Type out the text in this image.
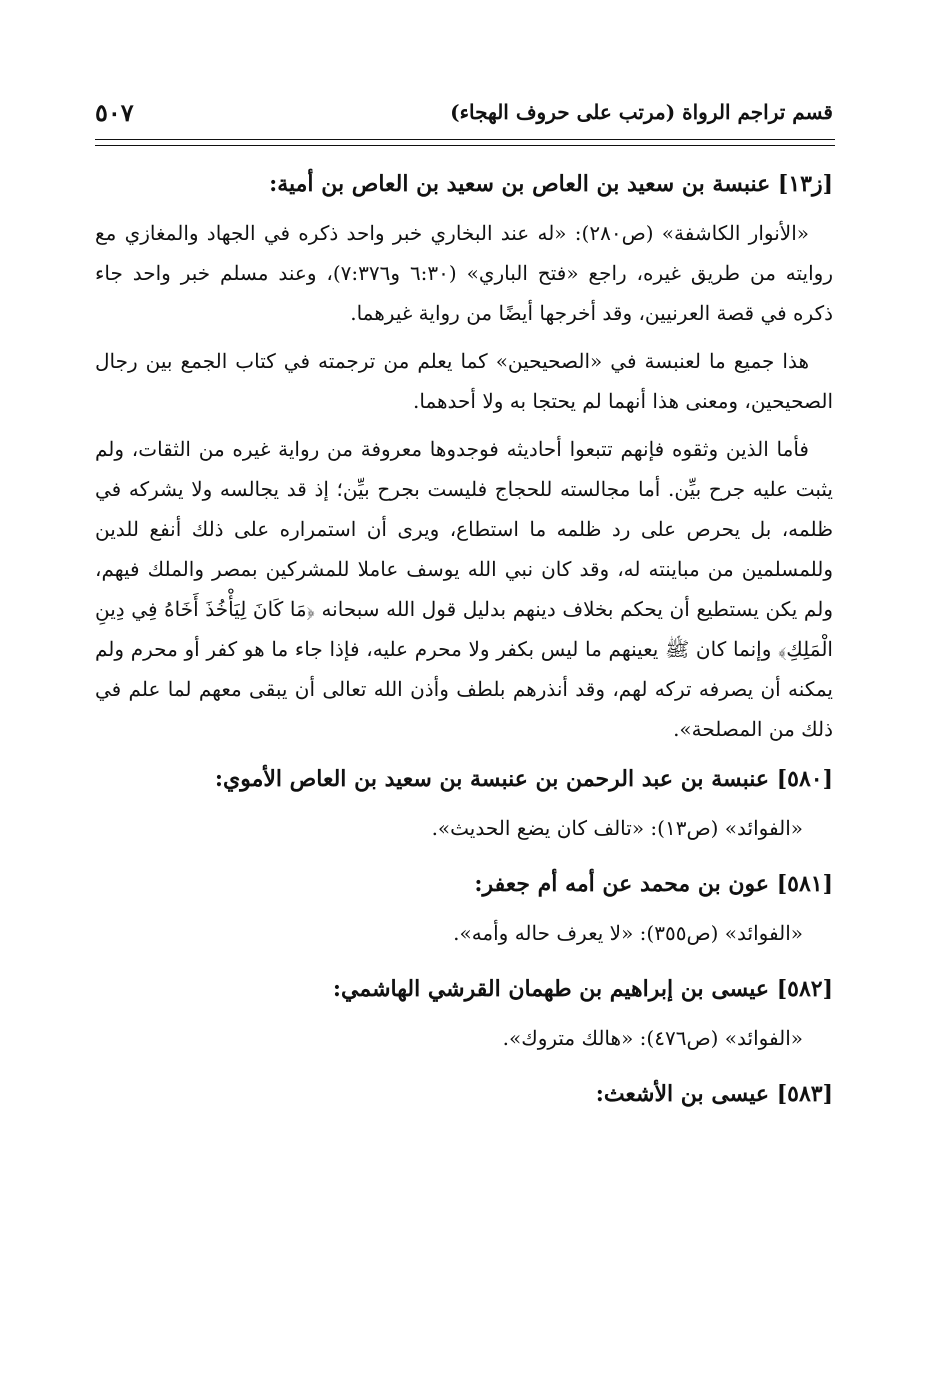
قسم تراجم الرواة (مرتب على حروف الهجاء)
٥٠٧
[ز١٣] عنبسة بن سعيد بن العاص بن سعيد بن العاص بن أمية:

«الأنوار الكاشفة» (ص٢٨٠): «له عند البخاري خبر واحد ذكره في الجهاد والمغازي مع روايته من طريق غيره، راجع «فتح الباري» (٦:٣٠ و٧:٣٧٦)، وعند مسلم خبر واحد جاء ذكره في قصة العرنيين، وقد أخرجها أيضًا من رواية غيرهما.

هذا جميع ما لعنبسة في «الصحيحين» كما يعلم من ترجمته في كتاب الجمع بين رجال الصحيحين، ومعنى هذا أنهما لم يحتجا به ولا أحدهما.

فأما الذين وثقوه فإنهم تتبعوا أحاديثه فوجدوها معروفة من رواية غيره من الثقات، ولم يثبت عليه جرح بيِّن. أما مجالسته للحجاج فليست بجرح بيِّن؛ إذ قد يجالسه ولا يشركه في ظلمه، بل يحرص على رد ظلمه ما استطاع، ويرى أن استمراره على ذلك أنفع للدين وللمسلمين من مباينته له، وقد كان نبي الله يوسف عاملا للمشركين بمصر والملك فيهم، ولم يكن يستطيع أن يحكم بخلاف دينهم بدليل قول الله سبحانه ﴿مَا كَانَ لِيَأْخُذَ أَخَاهُ فِي دِينِ الْمَلِكِ﴾ وإنما كان ﷺ يعينهم ما ليس بكفر ولا محرم عليه، فإذا جاء ما هو كفر أو محرم ولم يمكنه أن يصرفه تركه لهم، وقد أنذرهم بلطف وأذن الله تعالى أن يبقى معهم لما علم في ذلك من المصلحة».

[٥٨٠] عنبسة بن عبد الرحمن بن عنبسة بن سعيد بن العاص الأموي:
«الفوائد» (ص١٣): «تالف كان يضع الحديث».
[٥٨١] عون بن محمد عن أمه أم جعفر:
«الفوائد» (ص٣٥٥): «لا يعرف حاله وأمه».
[٥٨٢] عيسى بن إبراهيم بن طهمان القرشي الهاشمي:
«الفوائد» (ص٤٧٦): «هالك متروك».
[٥٨٣] عيسى بن الأشعث:
